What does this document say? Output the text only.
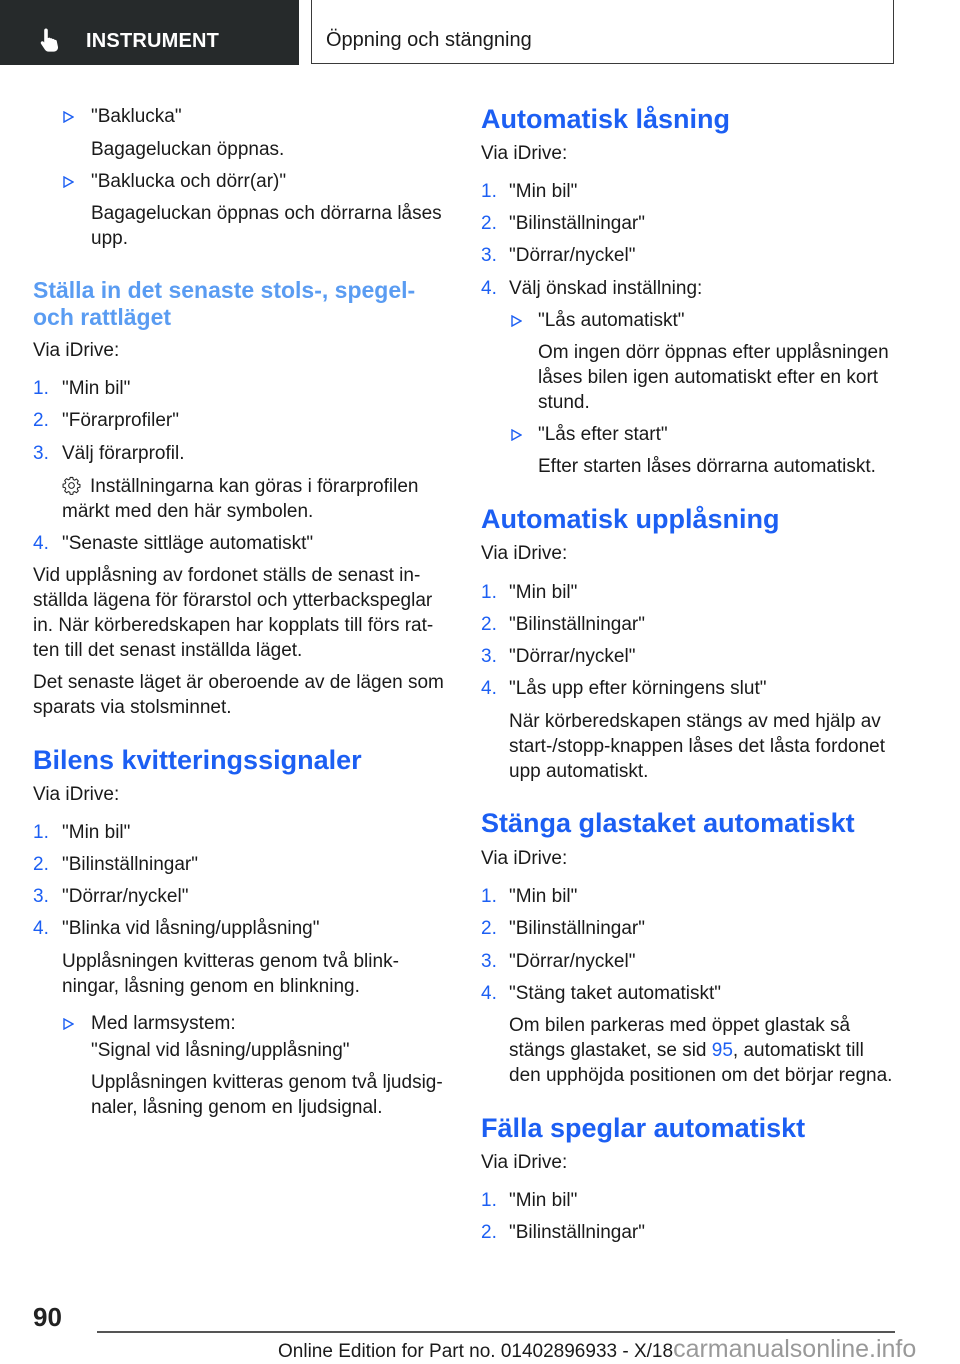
INSTRUMENT	Öppning och stängning
"Baklucka"
Bagageluckan öppnas.
"Baklucka och dörr(ar)"
Bagageluckan öppnas och dörrarna låses
upp.
Ställa in det senaste stols-, spegel-
och rattläget
Via iDrive:
1. "Min bil"
2. "Förarprofiler"
3. Välj förarprofil.
Inställningarna kan göras i förarprofilen
märkt med den här symbolen.
4. "Senaste sittläge automatiskt"
Vid upplåsning av fordonet ställs de senast in-
ställda lägena för förarstol och ytterbackspeglar
in. När körberedskapen har kopplats till förs rat-
ten till det senast inställda läget.
Det senaste läget är oberoende av de lägen som
sparats via stolsminnet.
Bilens kvitteringssignaler
Via iDrive:
1. "Min bil"
2. "Bilinställningar"
3. "Dörrar/nyckel"
4. "Blinka vid låsning/upplåsning"
Upplåsningen kvitteras genom två blink-
ningar, låsning genom en blinkning.
Med larmsystem:
"Signal vid låsning/upplåsning"
Upplåsningen kvitteras genom två ljudsig-
naler, låsning genom en ljudsignal.
Automatisk låsning
Via iDrive:
1. "Min bil"
2. "Bilinställningar"
3. "Dörrar/nyckel"
4. Välj önskad inställning:
"Lås automatiskt"
Om ingen dörr öppnas efter upplåsningen
låses bilen igen automatiskt efter en kort
stund.
"Lås efter start"
Efter starten låses dörrarna automatiskt.
Automatisk upplåsning
Via iDrive:
1. "Min bil"
2. "Bilinställningar"
3. "Dörrar/nyckel"
4. "Lås upp efter körningens slut"
När körberedskapen stängs av med hjälp av
start-/stopp-knappen låses det låsta fordonet
upp automatiskt.
Stänga glastaket automatiskt
Via iDrive:
1. "Min bil"
2. "Bilinställningar"
3. "Dörrar/nyckel"
4. "Stäng taket automatiskt"
Om bilen parkeras med öppet glastak så
stängs glastaket, se sid 95, automatiskt till
den upphöjda positionen om det börjar regna.
Fälla speglar automatiskt
Via iDrive:
1. "Min bil"
2. "Bilinställningar"
90
Online Edition for Part no. 01402896933 - X/18carmanualsonline.info
